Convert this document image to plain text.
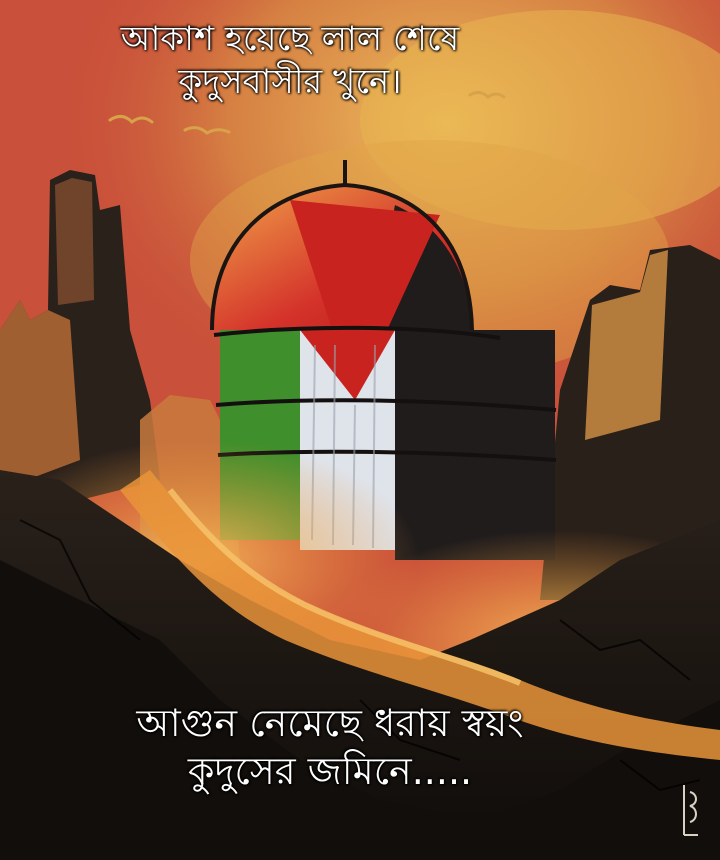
আকাশ হয়েছে লাল শেষে
কুদুসবাসীর খুনে।
আগুন নেমেছে ধরায় স্বয়ং
কুদুসের জমিনে.....
